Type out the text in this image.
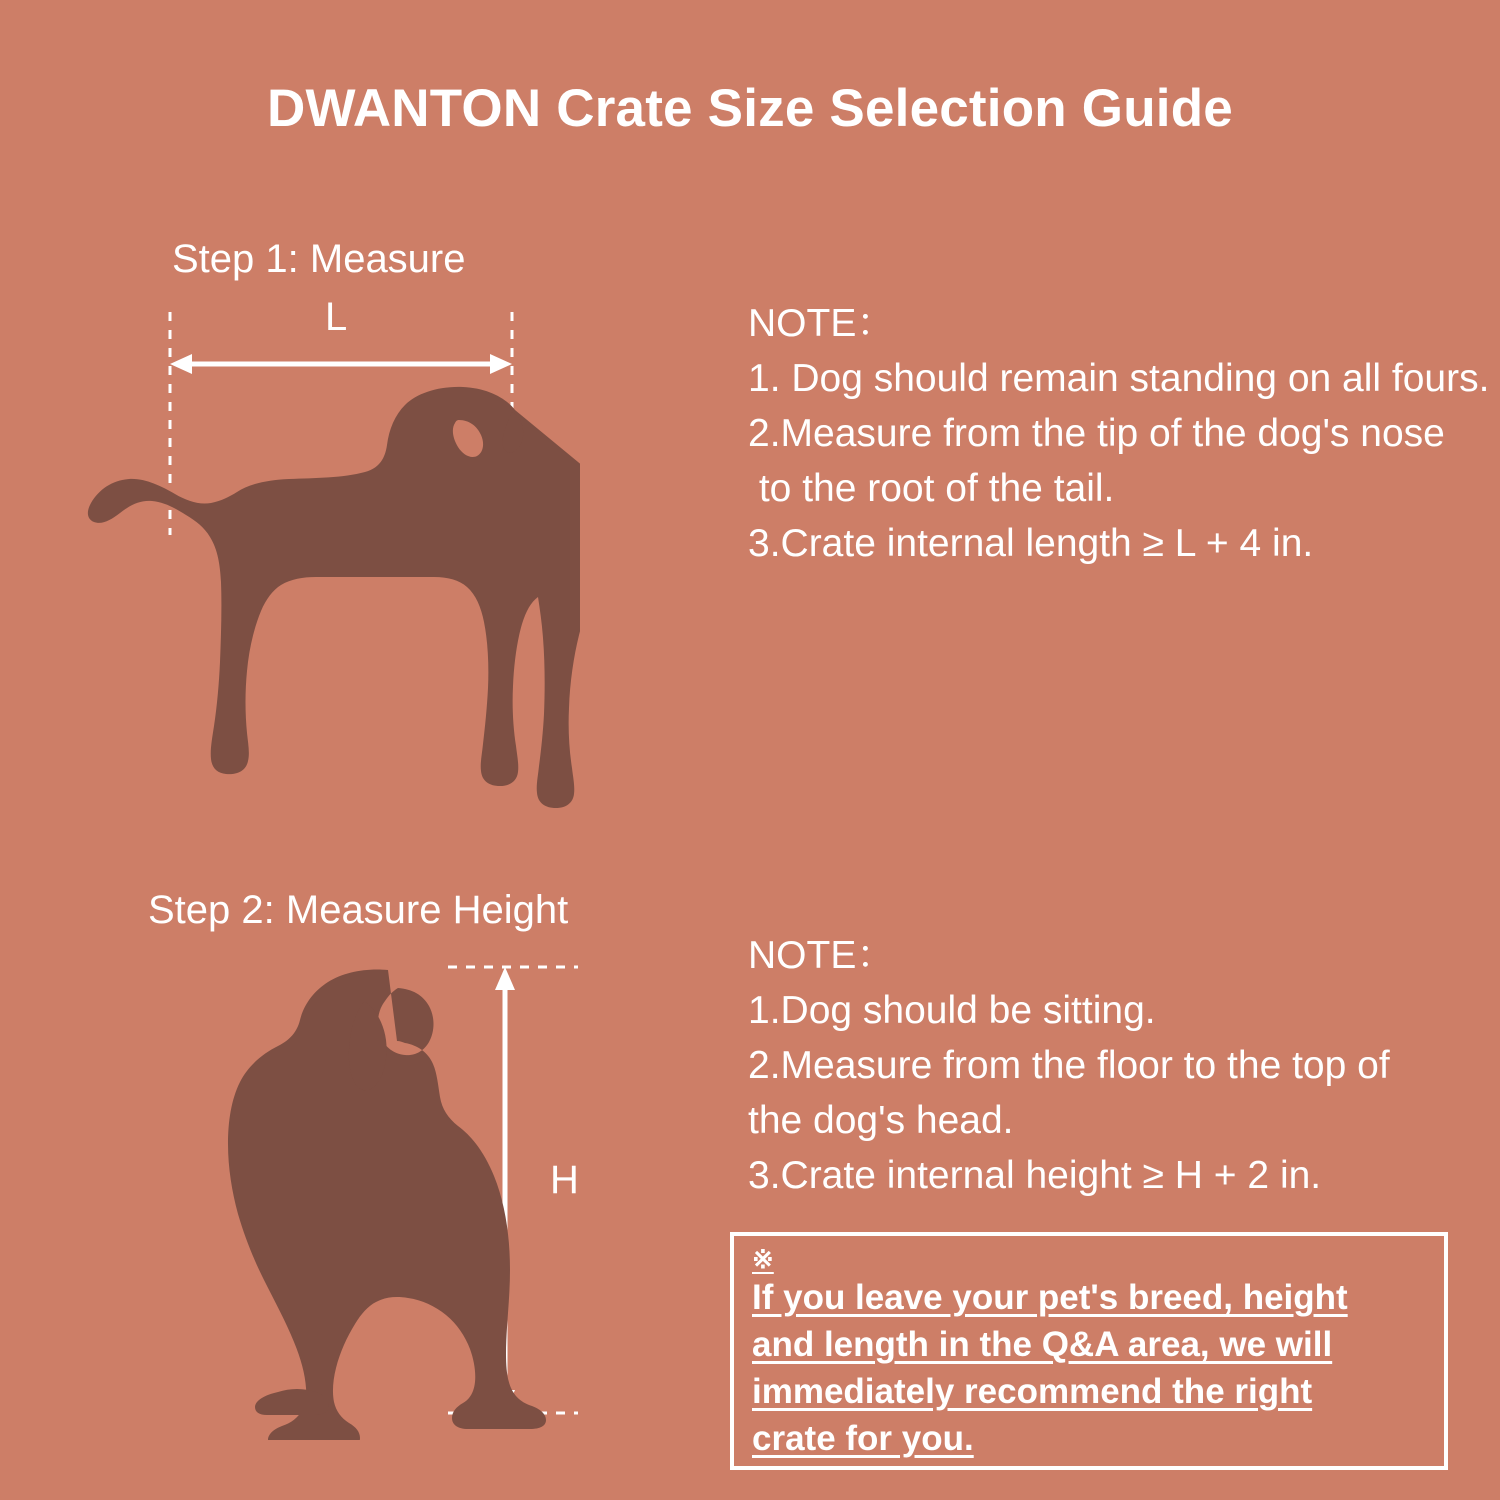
DWANTON Crate Size Selection Guide
Step 1: Measure
L	NOTE：
1. Dog should remain standing on all fours.
2.Measure from the tip of the dog's nose
to the root of the tail.
3.Crate internal length ≥ L + 4 in.
Step 2: Measure Height
H
NOTE：
1.Dog should be sitting.
2.Measure from the floor to the top of
the dog's head.
3.Crate internal height ≥ H + 2 in.
※
If you leave your pet's breed, height
and length in the Q&A area, we will
immediately recommend the right
crate for you.
